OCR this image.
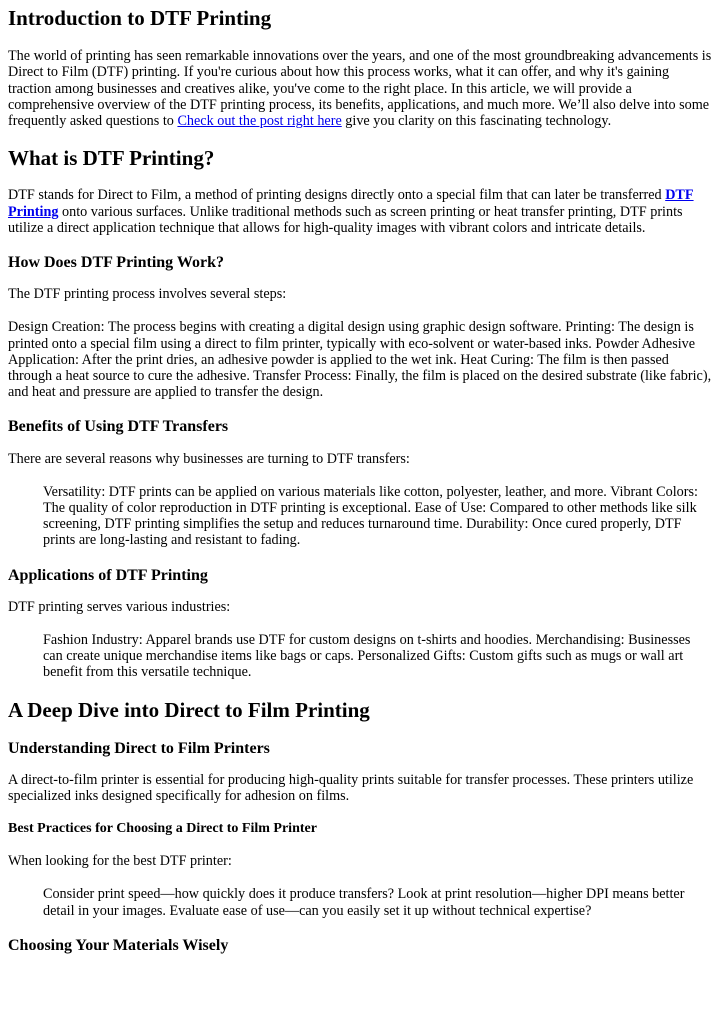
Introduction to DTF Printing

The world of printing has seen remarkable innovations over the years, and one of the most groundbreaking advancements is Direct to Film (DTF) printing. If you're curious about how this process works, what it can offer, and why it's gaining traction among businesses and creatives alike, you've come to the right place. In this article, we will provide a comprehensive overview of the DTF printing process, its benefits, applications, and much more. We’ll also delve into some frequently asked questions to Check out the post right here give you clarity on this fascinating technology.

What is DTF Printing?

DTF stands for Direct to Film, a method of printing designs directly onto a special film that can later be transferred DTF Printing onto various surfaces. Unlike traditional methods such as screen printing or heat transfer printing, DTF prints utilize a direct application technique that allows for high-quality images with vibrant colors and intricate details.

How Does DTF Printing Work?

The DTF printing process involves several steps:

Design Creation: The process begins with creating a digital design using graphic design software. Printing: The design is printed onto a special film using a direct to film printer, typically with eco-solvent or water-based inks. Powder Adhesive Application: After the print dries, an adhesive powder is applied to the wet ink. Heat Curing: The film is then passed through a heat source to cure the adhesive. Transfer Process: Finally, the film is placed on the desired substrate (like fabric), and heat and pressure are applied to transfer the design.

Benefits of Using DTF Transfers

There are several reasons why businesses are turning to DTF transfers:

Versatility: DTF prints can be applied on various materials like cotton, polyester, leather, and more. Vibrant Colors: The quality of color reproduction in DTF printing is exceptional. Ease of Use: Compared to other methods like silk screening, DTF printing simplifies the setup and reduces turnaround time. Durability: Once cured properly, DTF prints are long-lasting and resistant to fading.
Applications of DTF Printing

DTF printing serves various industries:

Fashion Industry: Apparel brands use DTF for custom designs on t-shirts and hoodies. Merchandising: Businesses can create unique merchandise items like bags or caps. Personalized Gifts: Custom gifts such as mugs or wall art benefit from this versatile technique.
A Deep Dive into Direct to Film Printing
Understanding Direct to Film Printers

A direct-to-film printer is essential for producing high-quality prints suitable for transfer processes. These printers utilize specialized inks designed specifically for adhesion on films.

Best Practices for Choosing a Direct to Film Printer

When looking for the best DTF printer:

Consider print speed—how quickly does it produce transfers? Look at print resolution—higher DPI means better detail in your images. Evaluate ease of use—can you easily set it up without technical expertise?
Choosing Your Materials Wisely
